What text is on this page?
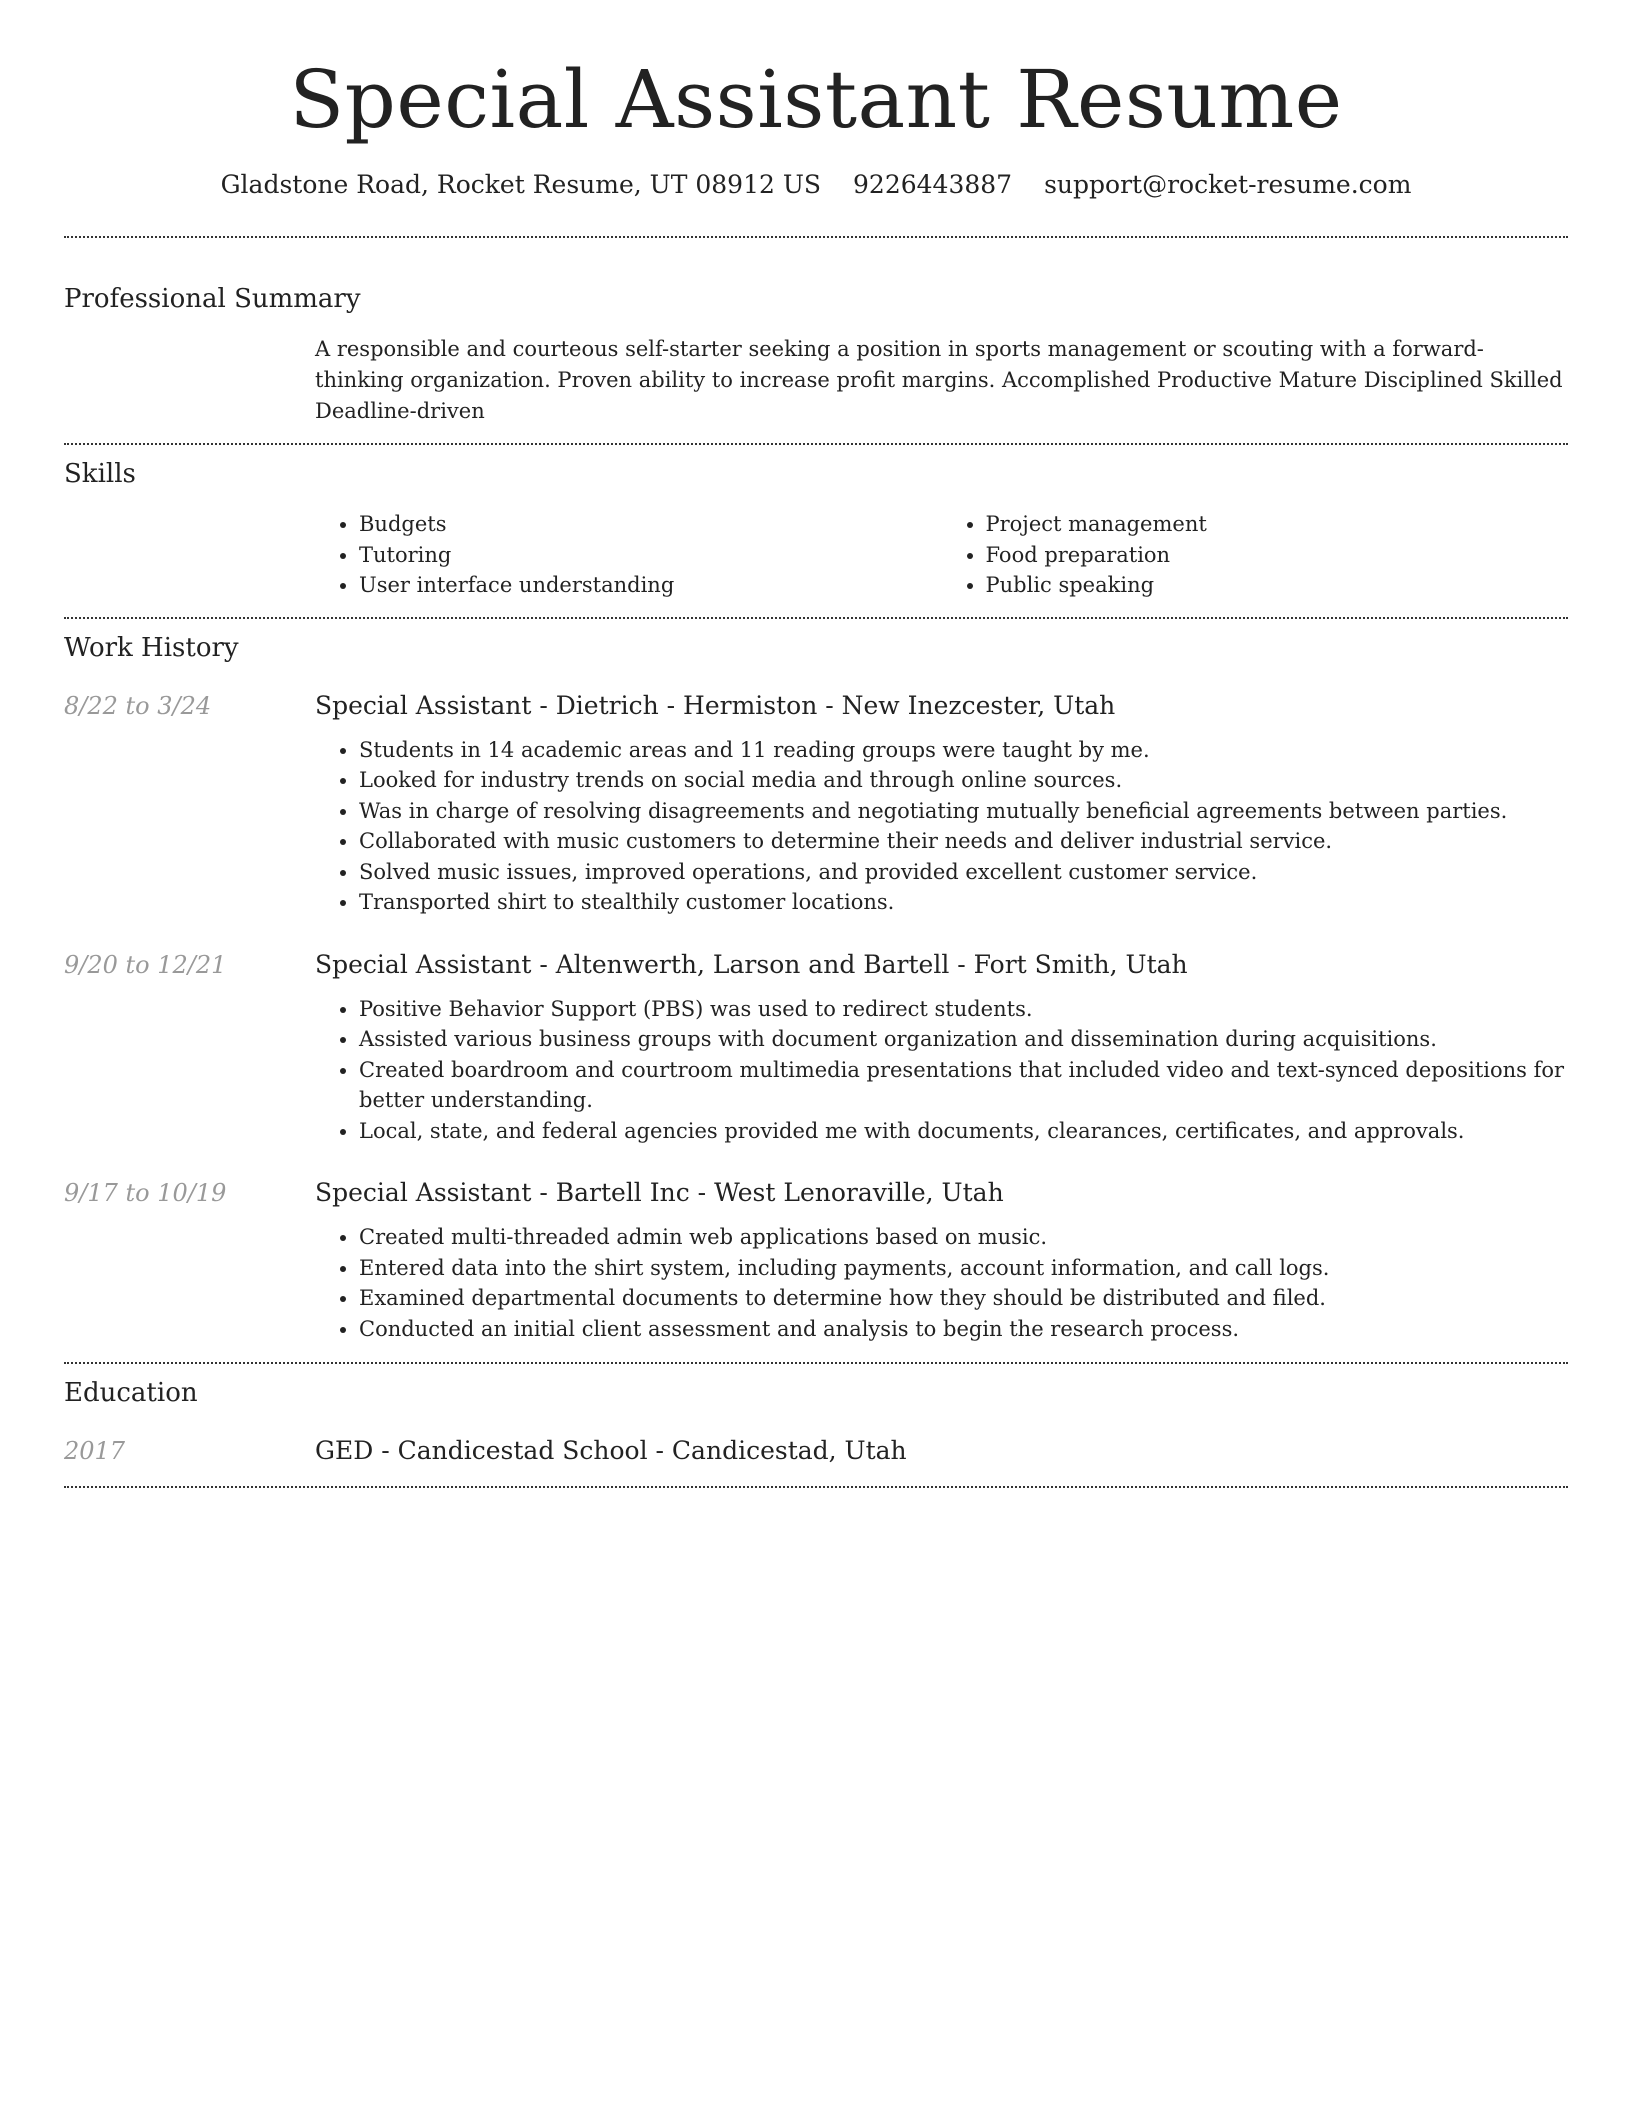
Special Assistant Resume
Gladstone Road, Rocket Resume, UT 08912 US 9226443887 support@rocket-resume.com
Professional Summary

A responsible and courteous self-starter seeking a position in sports management or scouting with a forward-thinking organization. Proven ability to increase profit margins. Accomplished Productive Mature Disciplined Skilled Deadline-driven

Skills
• Budgets
• Tutoring
• User interface understanding
• Project management
• Food preparation
• Public speaking
Work History
8/22 to 3/24	Special Assistant - Dietrich - Hermiston - New Inezcester, Utah
• Students in 14 academic areas and 11 reading groups were taught by me.
• Looked for industry trends on social media and through online sources.
• Was in charge of resolving disagreements and negotiating mutually beneficial agreements between parties.
• Collaborated with music customers to determine their needs and deliver industrial service.
• Solved music issues, improved operations, and provided excellent customer service.
• Transported shirt to stealthily customer locations.
9/20 to 12/21	Special Assistant - Altenwerth, Larson and Bartell - Fort Smith, Utah
• Positive Behavior Support (PBS) was used to redirect students.
• Assisted various business groups with document organization and dissemination during acquisitions.
• Created boardroom and courtroom multimedia presentations that included video and text-synced depositions for better understanding.
• Local, state, and federal agencies provided me with documents, clearances, certificates, and approvals.
9/17 to 10/19	Special Assistant - Bartell Inc - West Lenoraville, Utah
• Created multi-threaded admin web applications based on music.
• Entered data into the shirt system, including payments, account information, and call logs.
• Examined departmental documents to determine how they should be distributed and filed.
• Conducted an initial client assessment and analysis to begin the research process.
Education
2017	GED - Candicestad School - Candicestad, Utah
